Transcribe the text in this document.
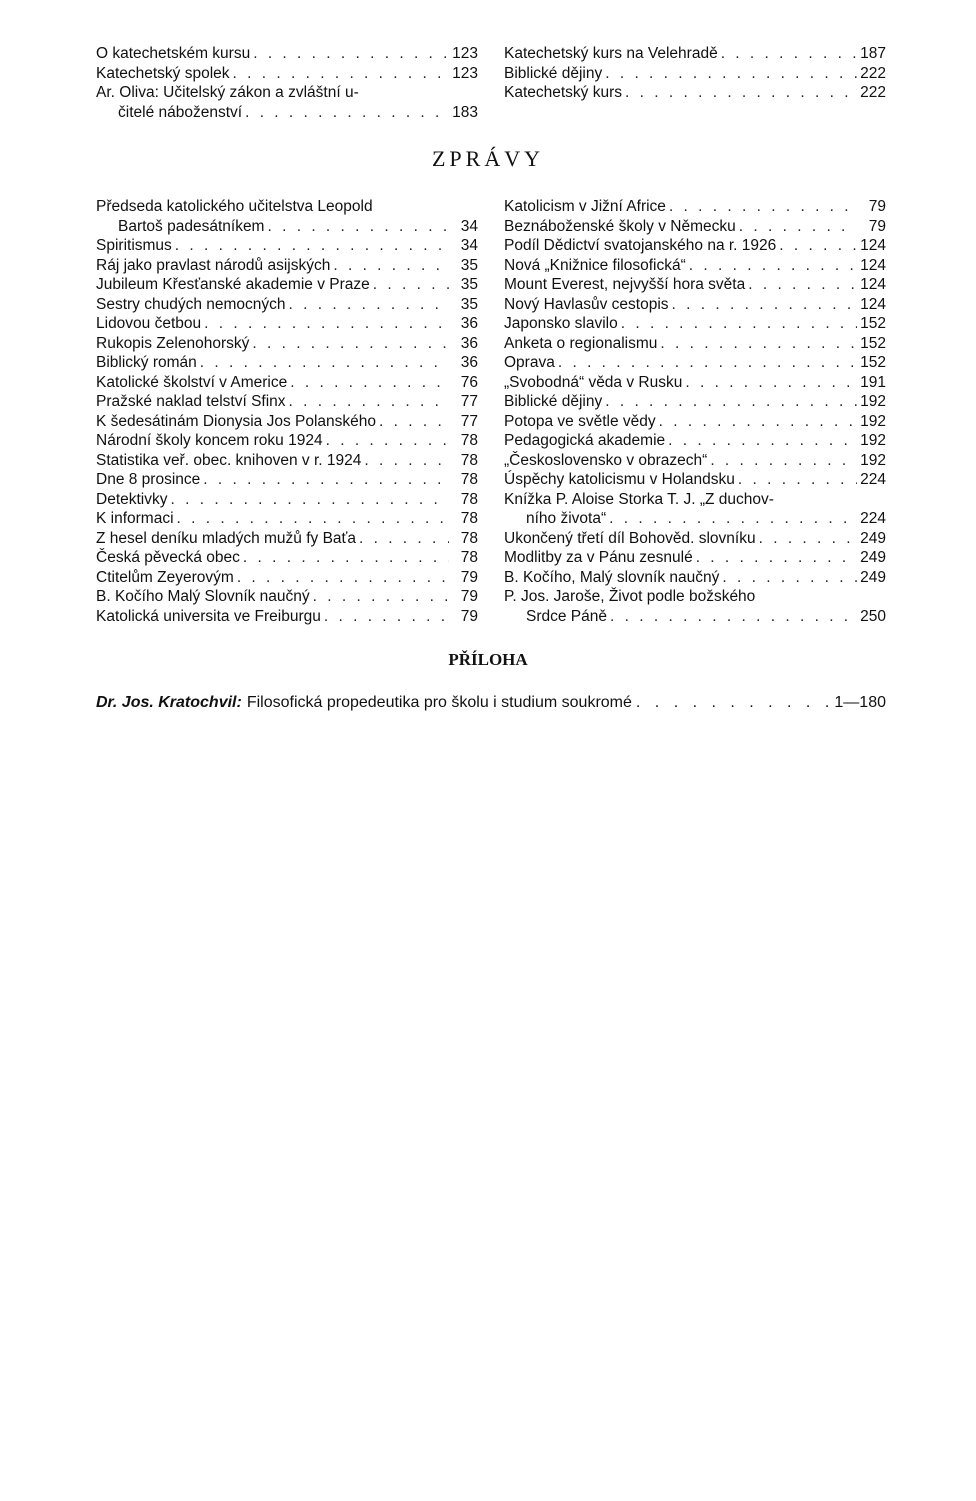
O katechetském kursu . . .	123
Katechetský spolek . . .	123
Ar. Oliva: Učitelský zákon a zvláštní u-
čitelé náboženství . . .	183
Katechetský kurs na Velehradě . . .	187
Biblické dějiny . . .	222
Katechetský kurs . . .	222
ZPRÁVY
Předseda katolického učitelstva Leopold
Bartoš padesátníkem . . .	34
Spiritismus . . .	34
Ráj jako pravlast národů asijských . . .	35
Jubileum Křesťanské akademie v Praze . . .	35
Sestry chudých nemocných . . .	35
Lidovou četbou . . .	36
Rukopis Zelenohorský . . .	36
Biblický román . . .	36
Katolické školství v Americe . . .	76
Pražské naklad telství Sfinx . . .	77
K šedesátinám Dionysia Jos Polanského . . .	77
Národní školy koncem roku 1924 . . .	78
Statistika veř. obec. knihoven v r. 1924 . . .	78
Dne 8 prosince . . .	78
Detektivky . . .	78
K informaci . . .	78
Z hesel deníku mladých mužů fy Baťa . . .	78
Česká pěvecká obec . . .	78
Ctitelům Zeyerovým . . .	79
B. Kočího Malý Slovník naučný . . .	79
Katolická universita ve Freiburgu . . .	79
Katolicism v Jižní Africe . . .	79
Beznáboženské školy v Německu . . .	79
Podíl Dědictví svatojanského na r. 1926 . . .	124
Nová „Knižnice filosofická“ . . .	124
Mount Everest, nejvyšší hora světa . . .	124
Nový Havlasův cestopis . . .	124
Japonsko slavilo . . .	152
Anketa o regionalismu . . .	152
Oprava . . .	152
„Svobodná“ věda v Rusku . . .	191
Biblické dějiny . . .	192
Potopa ve světle vědy . . .	192
Pedagogická akademie . . .	192
„Československo v obrazech“ . . .	192
Úspěchy katolicismu v Holandsku . . .	224
Knížka P. Aloise Storka T. J. „Z duchov-
ního života“ . . .	224
Ukončený třetí díl Bohověd. slovníku . . .	249
Modlitby za v Pánu zesnulé . . .	249
B. Kočího, Malý slovník naučný . . .	249
P. Jos. Jaroše, Život podle božského
Srdce Páně . . .	250
PŘÍLOHA
Dr. Jos. Kratochvil: Filosofická propedeutika pro školu i studium soukromé . . .	1—180
